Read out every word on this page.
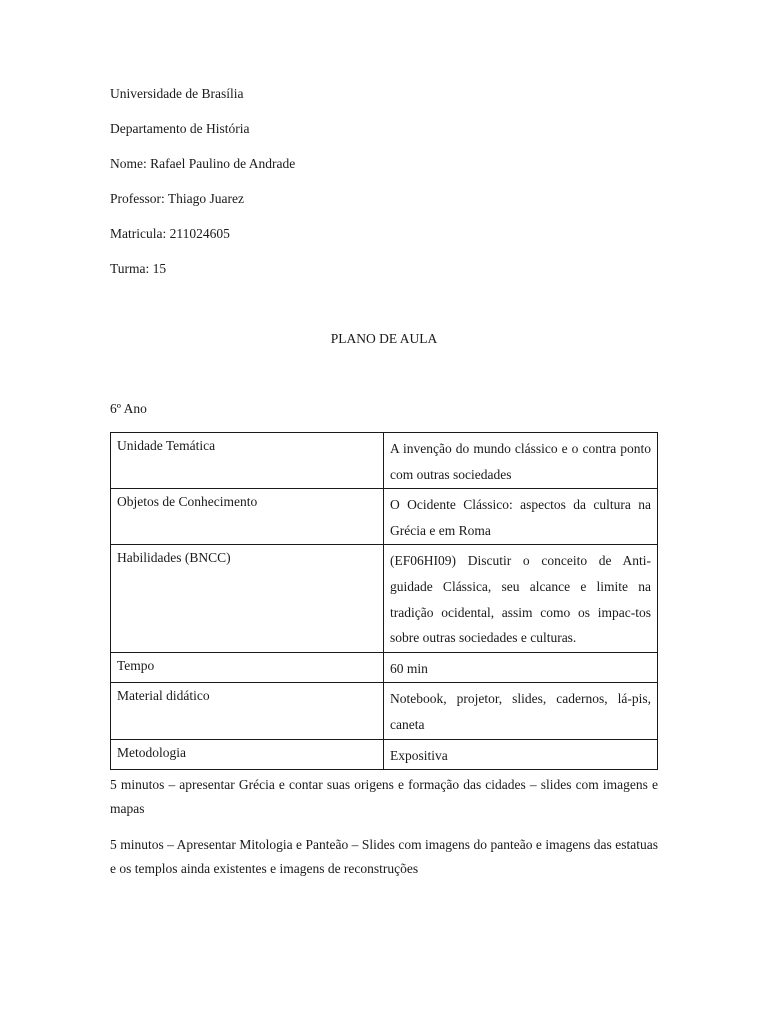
Universidade de Brasília
Departamento de História
Nome: Rafael Paulino de Andrade
Professor: Thiago Juarez
Matricula: 211024605
Turma: 15
PLANO DE AULA
6º Ano
Unidade Temática	A invenção do mundo clássico e o contra ponto com outras sociedades
Objetos de Conhecimento	O Ocidente Clássico: aspectos da cultura na Grécia e em Roma
Habilidades (BNCC)	(EF06HI09) Discutir o conceito de Anti-guidade Clássica, seu alcance e limite na tradição ocidental, assim como os impac-tos sobre outras sociedades e culturas.
Tempo	60 min
Material didático	Notebook, projetor, slides, cadernos, lá-pis, caneta
Metodologia	Expositiva
5 minutos – apresentar Grécia e contar suas origens e formação das cidades – slides com imagens e mapas
5 minutos – Apresentar Mitologia e Panteão – Slides com imagens do panteão e imagens das estatuas e os templos ainda existentes e imagens de reconstruções
